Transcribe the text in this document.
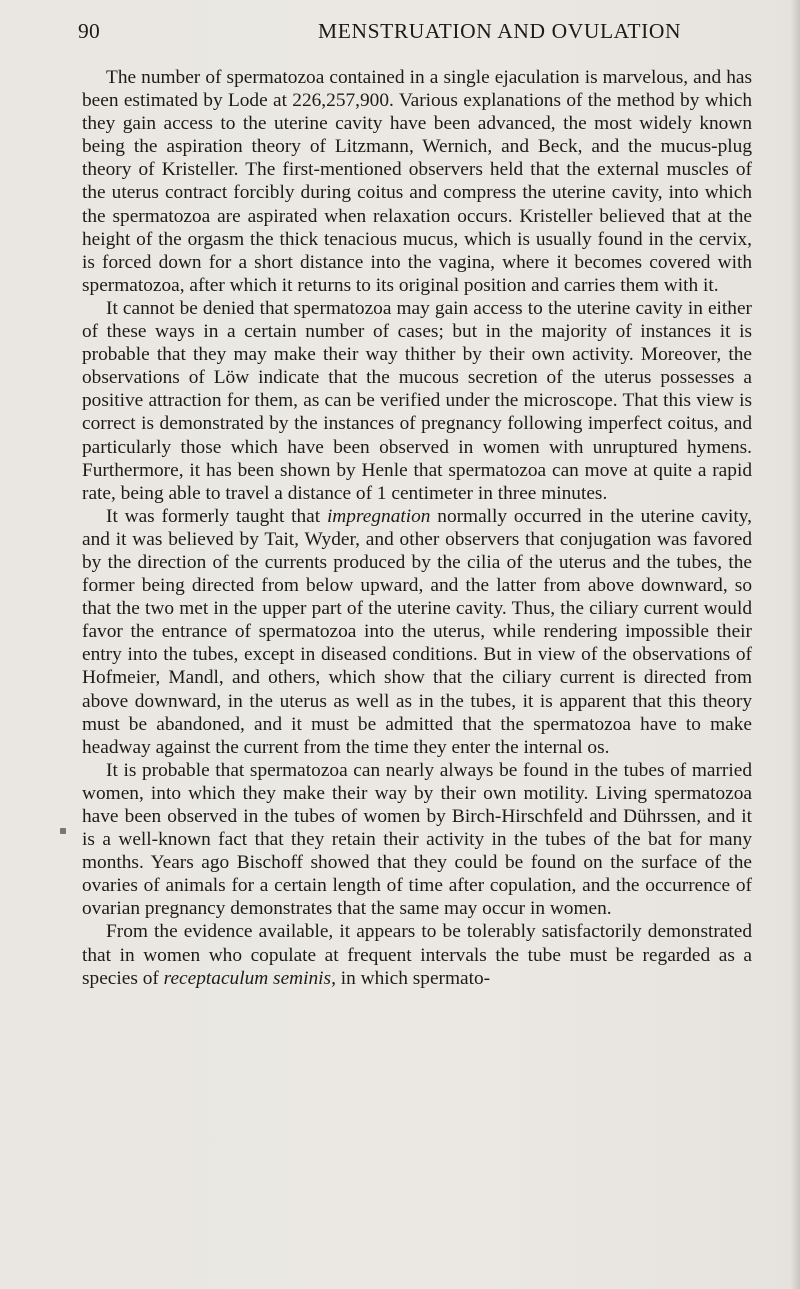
90	MENSTRUATION AND OVULATION

The number of spermatozoa contained in a single ejaculation is marvelous, and has been estimated by Lode at 226,257,900. Various explanations of the method by which they gain access to the uterine cavity have been advanced, the most widely known being the aspiration theory of Litzmann, Wernich, and Beck, and the mucus-plug theory of Kristeller. The first-mentioned observers held that the external muscles of the uterus contract forcibly during coitus and compress the uterine cavity, into which the spermatozoa are aspirated when relaxation occurs. Kristeller believed that at the height of the orgasm the thick tenacious mucus, which is usually found in the cervix, is forced down for a short distance into the vagina, where it becomes covered with spermatozoa, after which it returns to its original position and carries them with it.

It cannot be denied that spermatozoa may gain access to the uterine cavity in either of these ways in a certain number of cases; but in the majority of instances it is probable that they may make their way thither by their own activity. Moreover, the observations of Löw indicate that the mucous secretion of the uterus possesses a positive attraction for them, as can be verified under the microscope. That this view is correct is demonstrated by the instances of pregnancy following imperfect coitus, and particularly those which have been observed in women with unruptured hymens. Furthermore, it has been shown by Henle that spermatozoa can move at quite a rapid rate, being able to travel a distance of 1 centimeter in three minutes.

It was formerly taught that impregnation normally occurred in the uterine cavity, and it was believed by Tait, Wyder, and other observers that conjugation was favored by the direction of the currents produced by the cilia of the uterus and the tubes, the former being directed from below upward, and the latter from above downward, so that the two met in the upper part of the uterine cavity. Thus, the ciliary current would favor the entrance of spermatozoa into the uterus, while rendering impossible their entry into the tubes, except in diseased conditions. But in view of the observations of Hofmeier, Mandl, and others, which show that the ciliary current is directed from above downward, in the uterus as well as in the tubes, it is apparent that this theory must be abandoned, and it must be admitted that the spermatozoa have to make headway against the current from the time they enter the internal os.

It is probable that spermatozoa can nearly always be found in the tubes of married women, into which they make their way by their own motility. Living spermatozoa have been observed in the tubes of women by Birch-Hirschfeld and Dührssen, and it is a well-known fact that they retain their activity in the tubes of the bat for many months. Years ago Bischoff showed that they could be found on the surface of the ovaries of animals for a certain length of time after copulation, and the occurrence of ovarian pregnancy demonstrates that the same may occur in women.

From the evidence available, it appears to be tolerably satisfactorily demonstrated that in women who copulate at frequent intervals the tube must be regarded as a species of receptaculum seminis, in which spermato-
